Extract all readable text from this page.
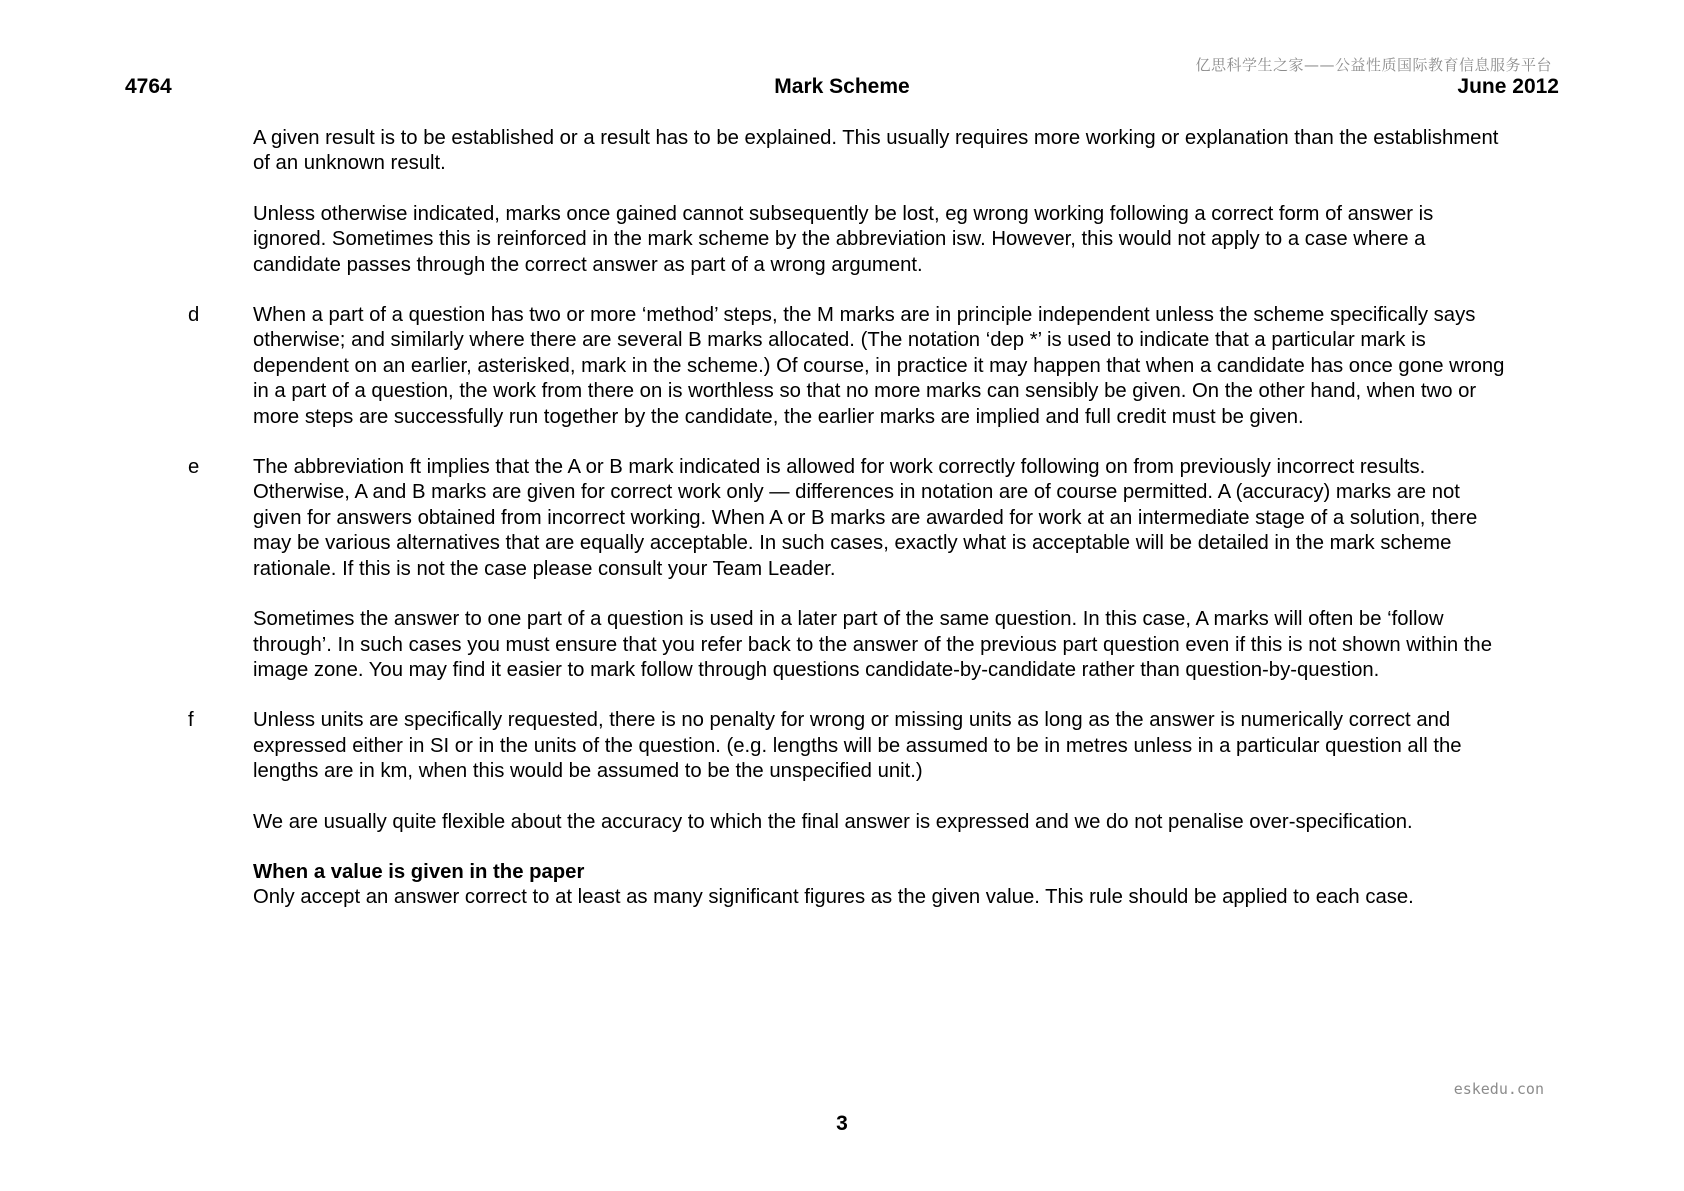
亿思科学生之家——公益性质国际教育信息服务平台
4764	Mark Scheme	June 2012

A given result is to be established or a result has to be explained. This usually requires more working or explanation than the establishment of an unknown result.

Unless otherwise indicated, marks once gained cannot subsequently be lost, eg wrong working following a correct form of answer is ignored. Sometimes this is reinforced in the mark scheme by the abbreviation isw. However, this would not apply to a case where a candidate passes through the correct answer as part of a wrong argument.

d	When a part of a question has two or more ‘method’ steps, the M marks are in principle independent unless the scheme specifically says otherwise; and similarly where there are several B marks allocated. (The notation ‘dep *’ is used to indicate that a particular mark is dependent on an earlier, asterisked, mark in the scheme.) Of course, in practice it may happen that when a candidate has once gone wrong in a part of a question, the work from there on is worthless so that no more marks can sensibly be given. On the other hand, when two or more steps are successfully run together by the candidate, the earlier marks are implied and full credit must be given.

e	The abbreviation ft implies that the A or B mark indicated is allowed for work correctly following on from previously incorrect results. Otherwise, A and B marks are given for correct work only — differences in notation are of course permitted. A (accuracy) marks are not given for answers obtained from incorrect working. When A or B marks are awarded for work at an intermediate stage of a solution, there may be various alternatives that are equally acceptable. In such cases, exactly what is acceptable will be detailed in the mark scheme rationale. If this is not the case please consult your Team Leader.

Sometimes the answer to one part of a question is used in a later part of the same question. In this case, A marks will often be ‘follow through’. In such cases you must ensure that you refer back to the answer of the previous part question even if this is not shown within the image zone. You may find it easier to mark follow through questions candidate-by-candidate rather than question-by-question.

f	Unless units are specifically requested, there is no penalty for wrong or missing units as long as the answer is numerically correct and expressed either in SI or in the units of the question. (e.g. lengths will be assumed to be in metres unless in a particular question all the lengths are in km, when this would be assumed to be the unspecified unit.)

We are usually quite flexible about the accuracy to which the final answer is expressed and we do not penalise over-specification.

When a value is given in the paper

Only accept an answer correct to at least as many significant figures as the given value. This rule should be applied to each case.

eskedu.con
3
